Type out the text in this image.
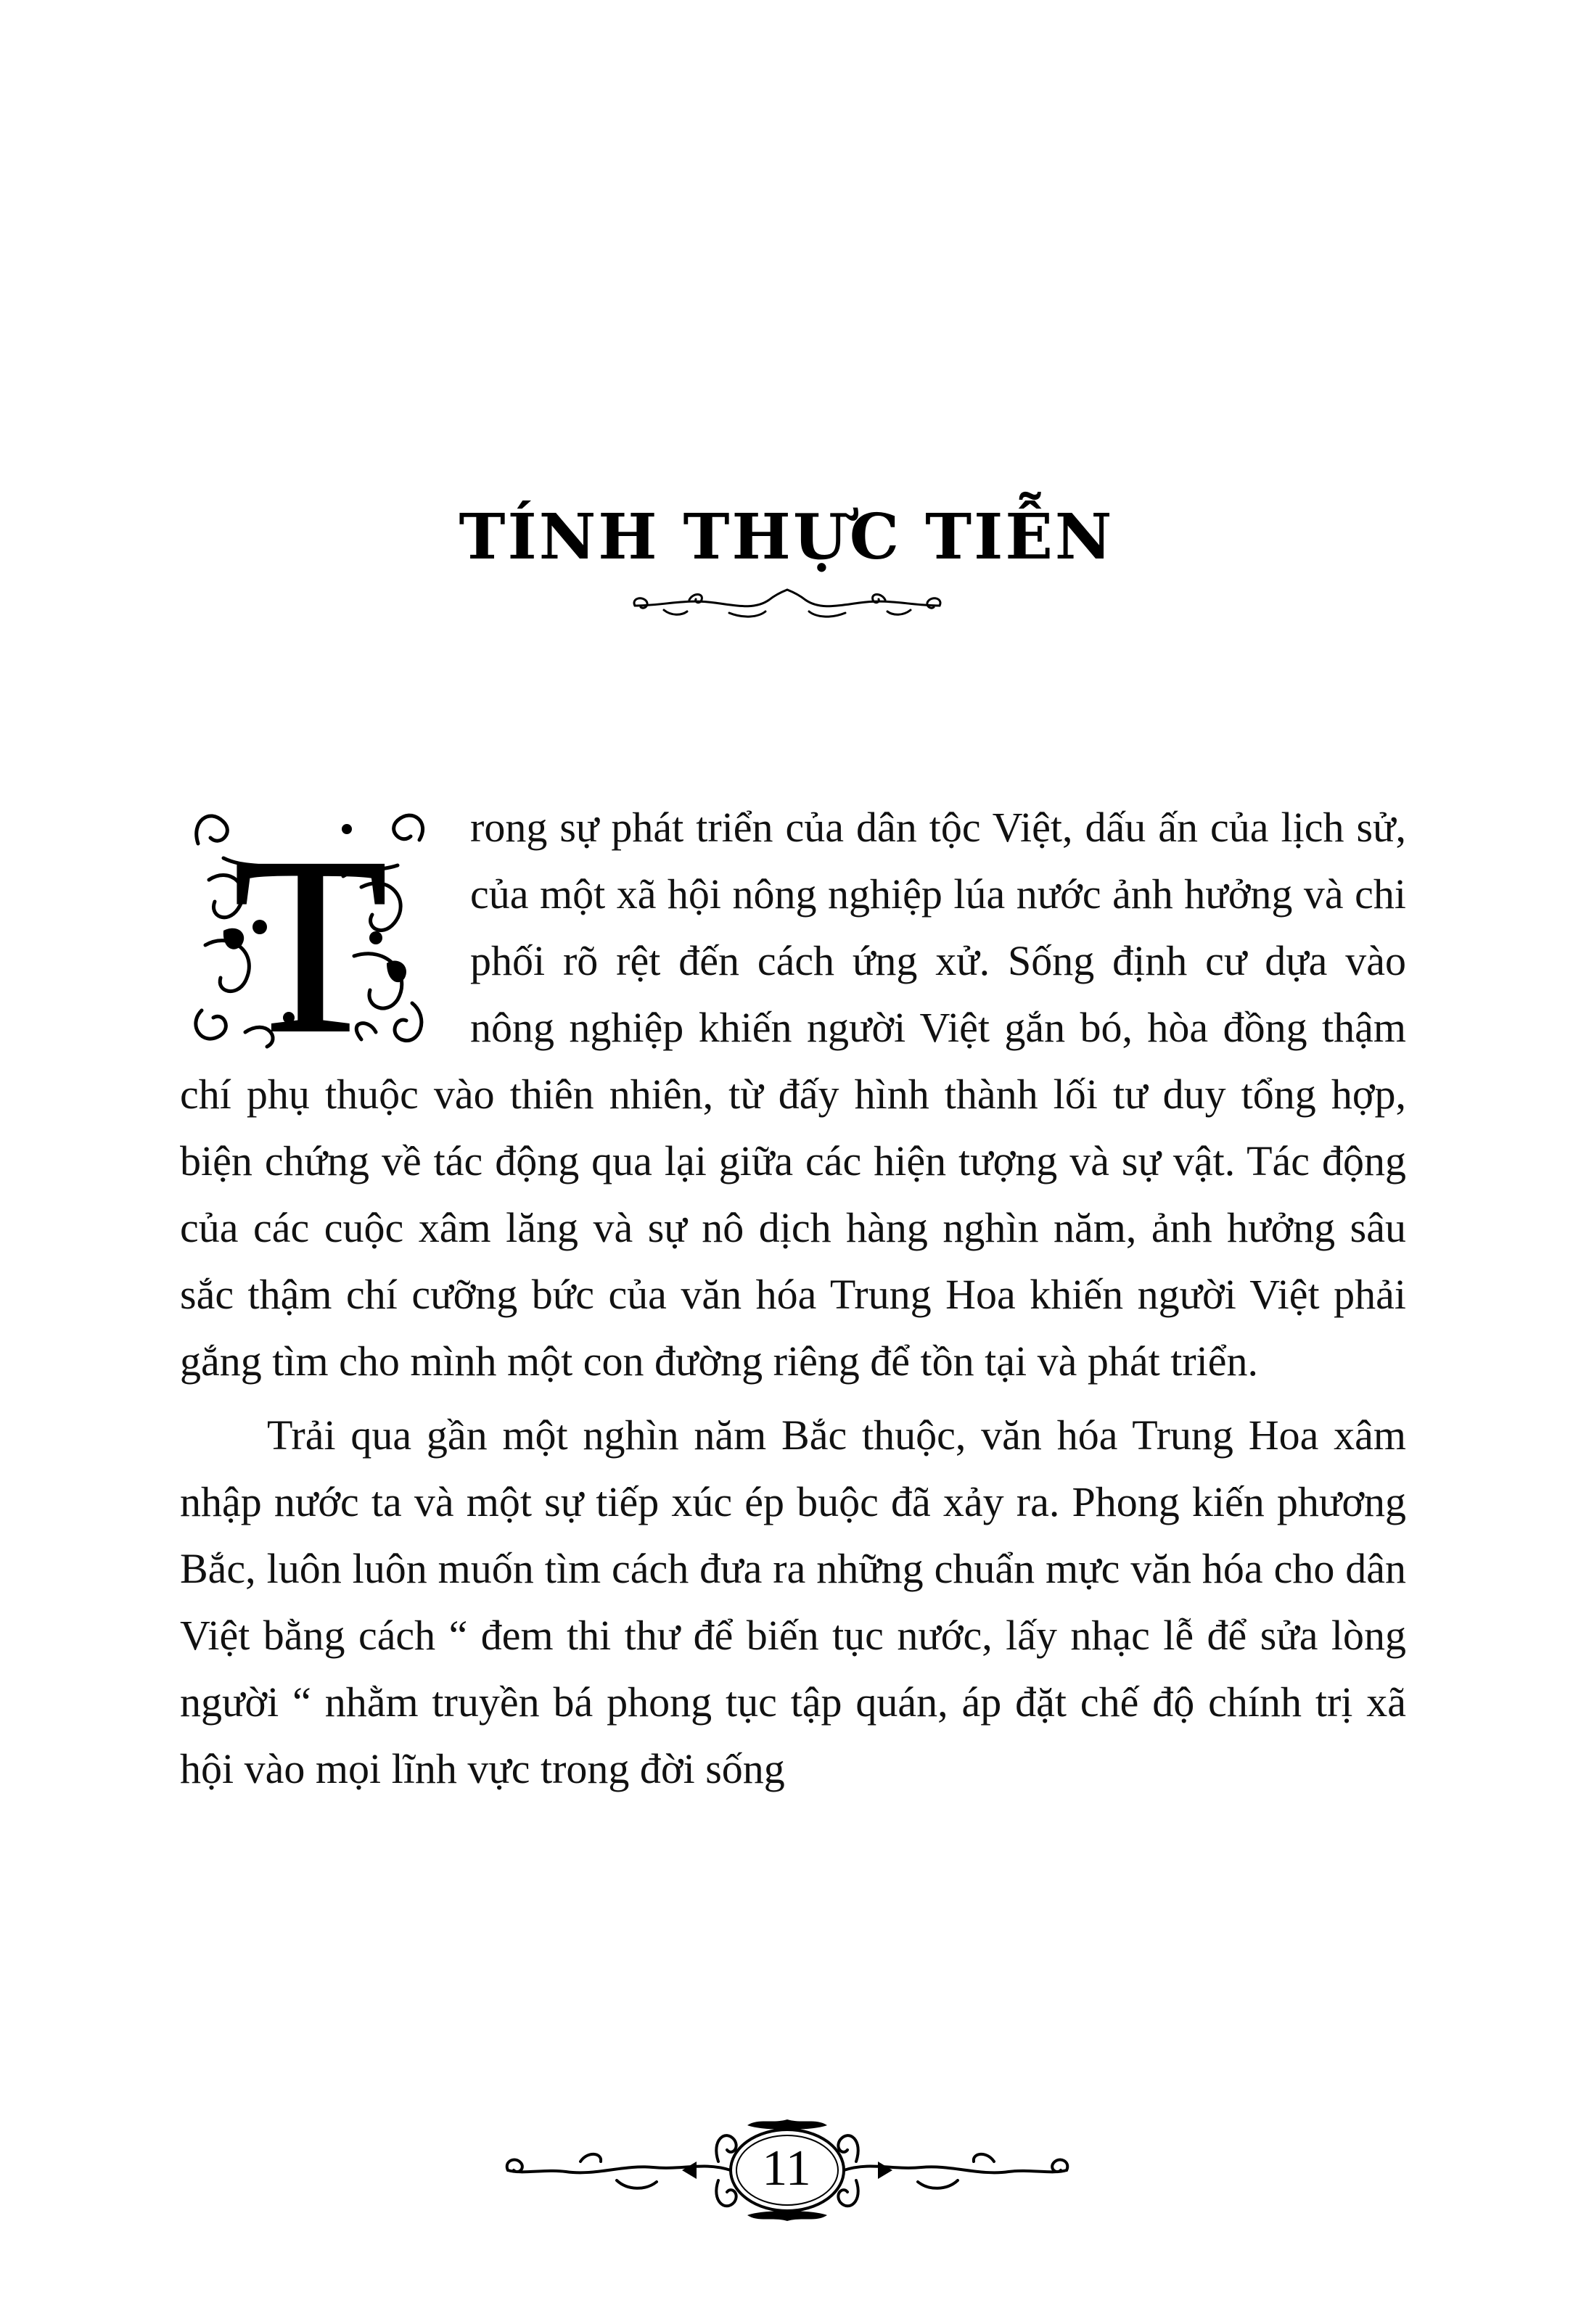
TÍNH THỰC TIỄN

T rong sự phát triển của dân tộc Việt, dấu ấn của lịch sử, của một xã hội nông nghiệp lúa nước ảnh hưởng và chi phối rõ rệt đến cách ứng xử. Sống định cư dựa vào nông nghiệp khiến người Việt gắn bó, hòa đồng thậm chí phụ thuộc vào thiên nhiên, từ đấy hình thành lối tư duy tổng hợp, biện chứng về tác động qua lại giữa các hiện tượng và sự vật. Tác động của các cuộc xâm lăng và sự nô dịch hàng nghìn năm, ảnh hưởng sâu sắc thậm chí cưỡng bức của văn hóa Trung Hoa khiến người Việt phải gắng tìm cho mình một con đường riêng để tồn tại và phát triển.

Trải qua gần một nghìn năm Bắc thuộc, văn hóa Trung Hoa xâm nhập nước ta và một sự tiếp xúc ép buộc đã xảy ra. Phong kiến phương Bắc, luôn luôn muốn tìm cách đưa ra những chuẩn mực văn hóa cho dân Việt bằng cách “ đem thi thư để biến tục nước, lấy nhạc lễ để sửa lòng người “ nhằm truyền bá phong tục tập quán, áp đặt chế độ chính trị xã hội vào mọi lĩnh vực trong đời sống

11
